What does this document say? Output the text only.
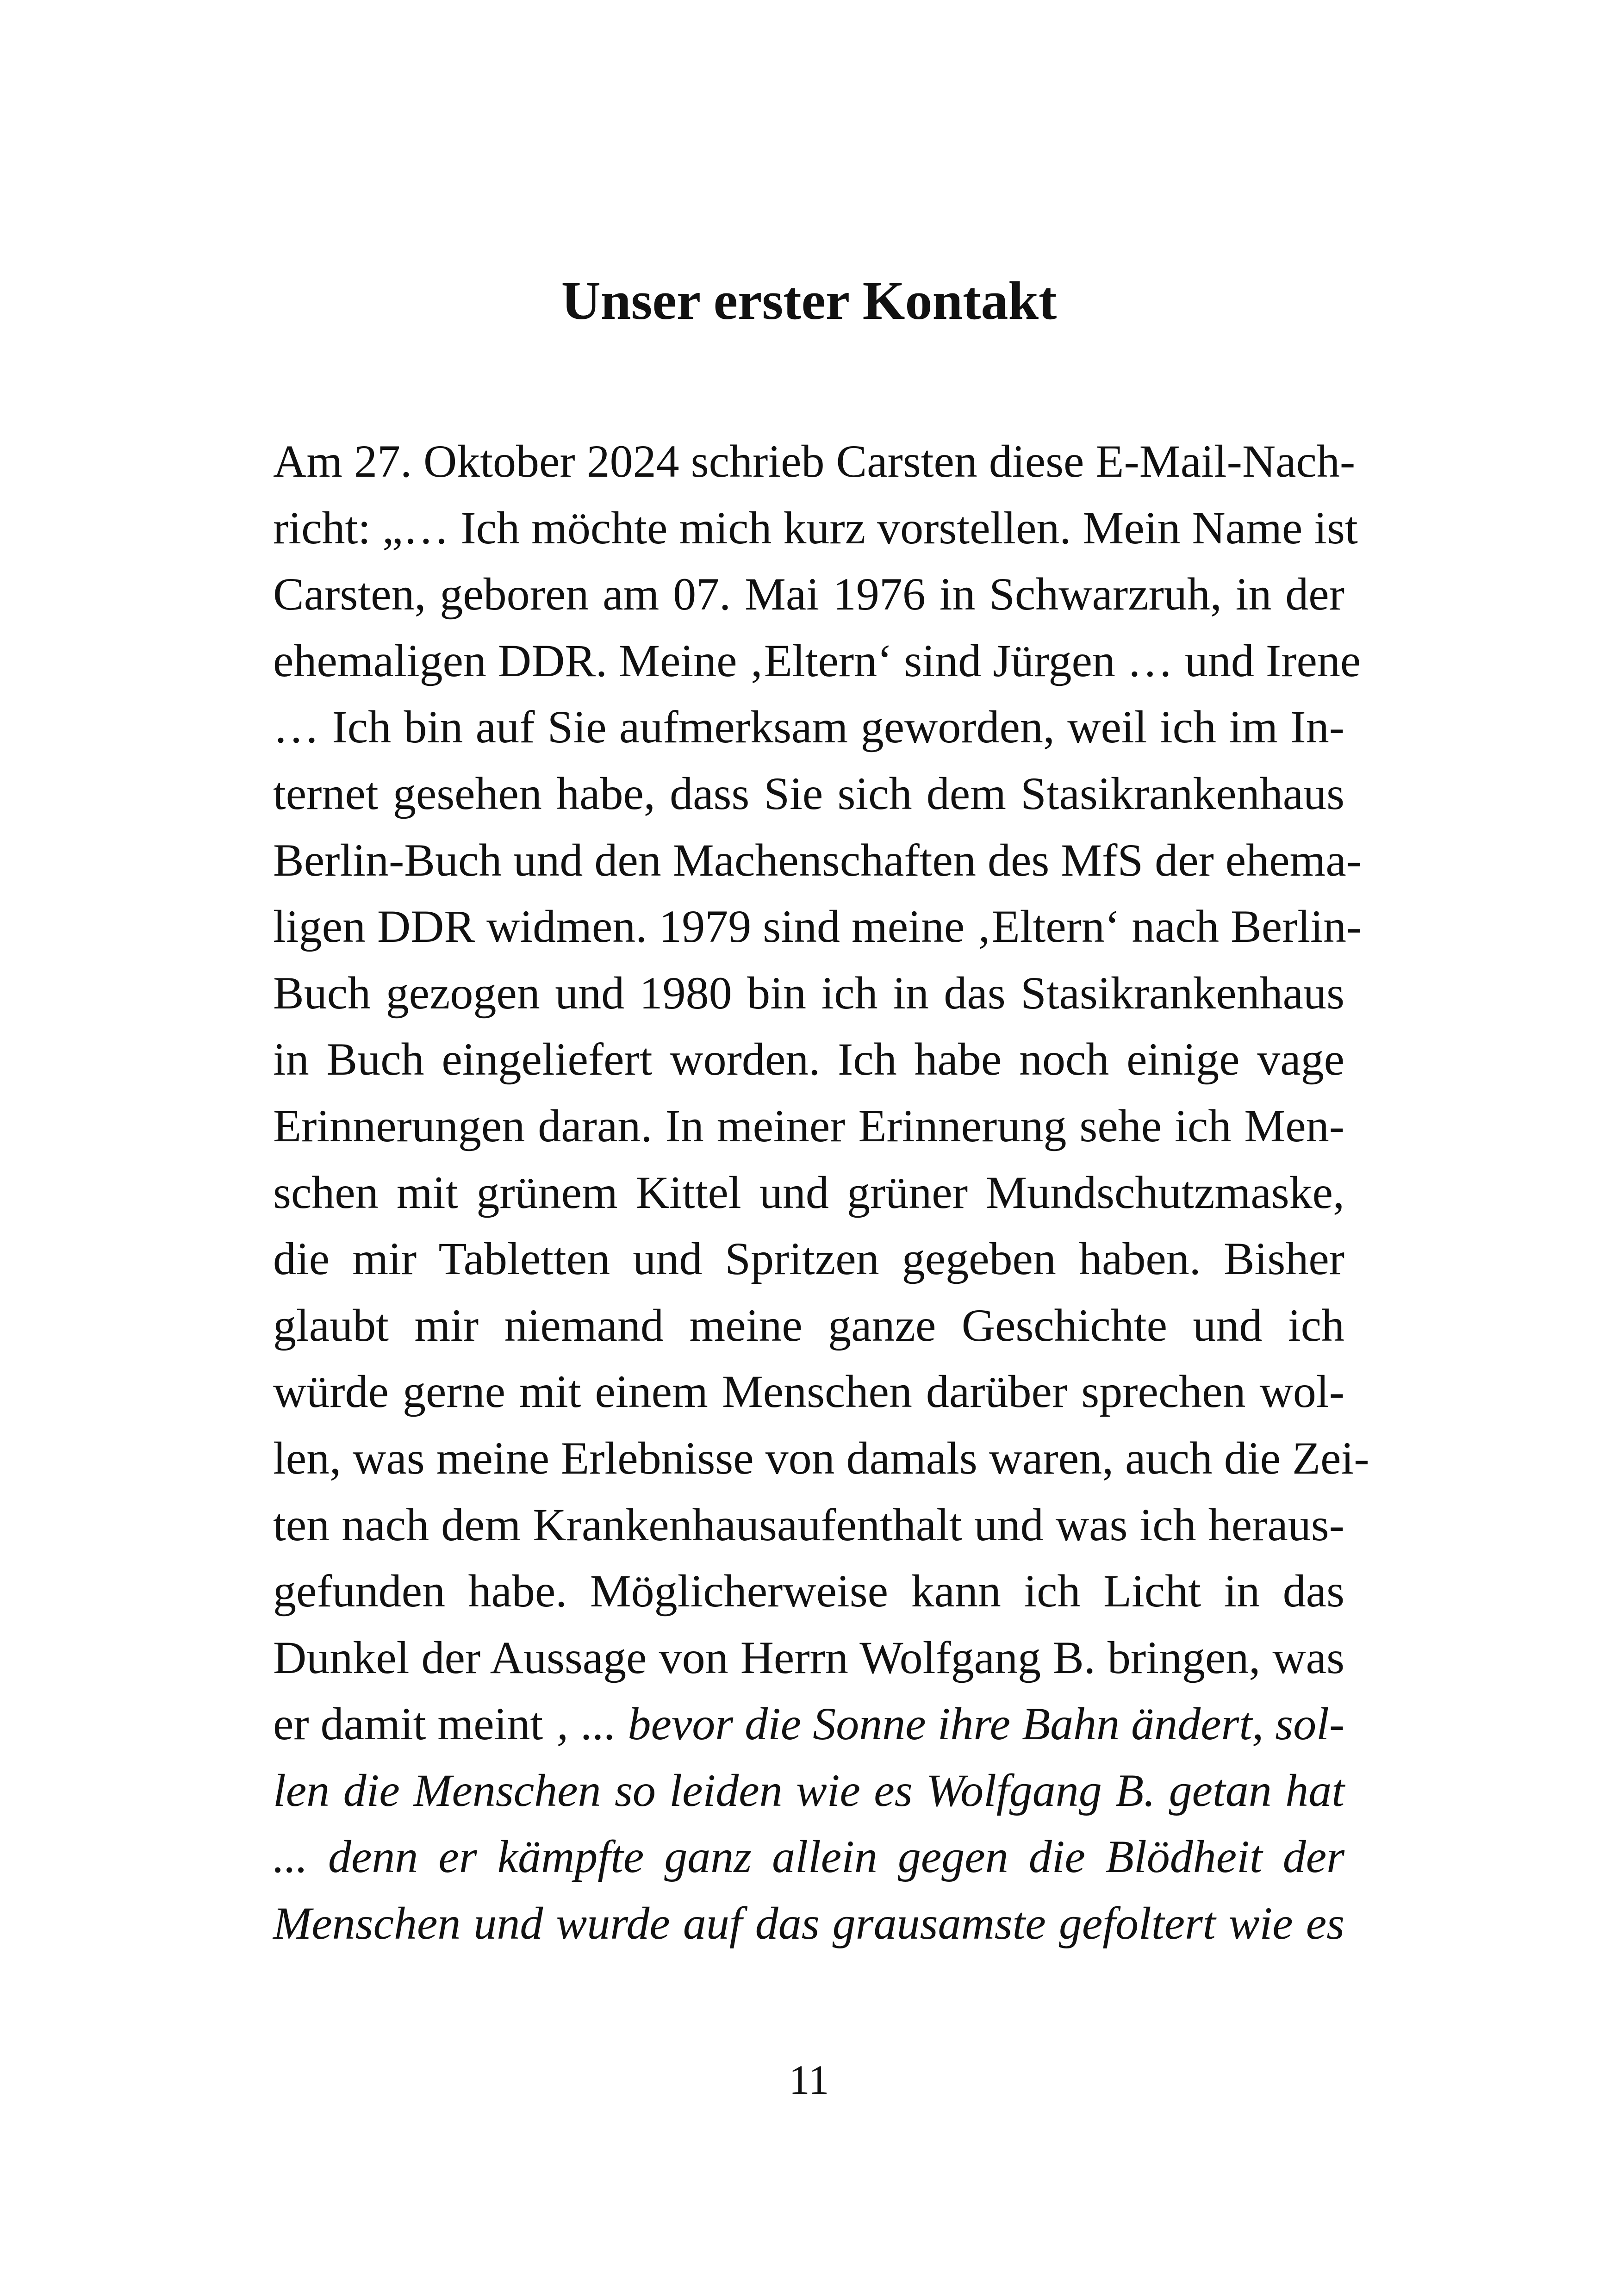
Unser erster Kontakt
Am 27. Oktober 2024 schrieb Carsten diese E-Mail-Nach-
richt: „… Ich möchte mich kurz vorstellen. Mein Name ist
Carsten, geboren am 07. Mai 1976 in Schwarzruh, in der
ehemaligen DDR. Meine ‚Eltern‘ sind Jürgen … und Irene
… Ich bin auf Sie aufmerksam geworden, weil ich im In-
ternet gesehen habe, dass Sie sich dem Stasikrankenhaus
Berlin-Buch und den Machenschaften des MfS der ehema-
ligen DDR widmen. 1979 sind meine ‚Eltern‘ nach Berlin-
Buch gezogen und 1980 bin ich in das Stasikrankenhaus
in Buch eingeliefert worden. Ich habe noch einige vage
Erinnerungen daran. In meiner Erinnerung sehe ich Men-
schen mit grünem Kittel und grüner Mundschutzmaske,
die mir Tabletten und Spritzen gegeben haben. Bisher
glaubt mir niemand meine ganze Geschichte und ich
würde gerne mit einem Menschen darüber sprechen wol-
len, was meine Erlebnisse von damals waren, auch die Zei-
ten nach dem Krankenhausaufenthalt und was ich heraus-
gefunden habe. Möglicherweise kann ich Licht in das
Dunkel der Aussage von Herrn Wolfgang B. bringen, was
er damit meint ‚ ... bevor die Sonne ihre Bahn ändert, sol-
len die Menschen so leiden wie es Wolfgang B. getan hat
... denn er kämpfte ganz allein gegen die Blödheit der
Menschen und wurde auf das grausamste gefoltert wie es
11
